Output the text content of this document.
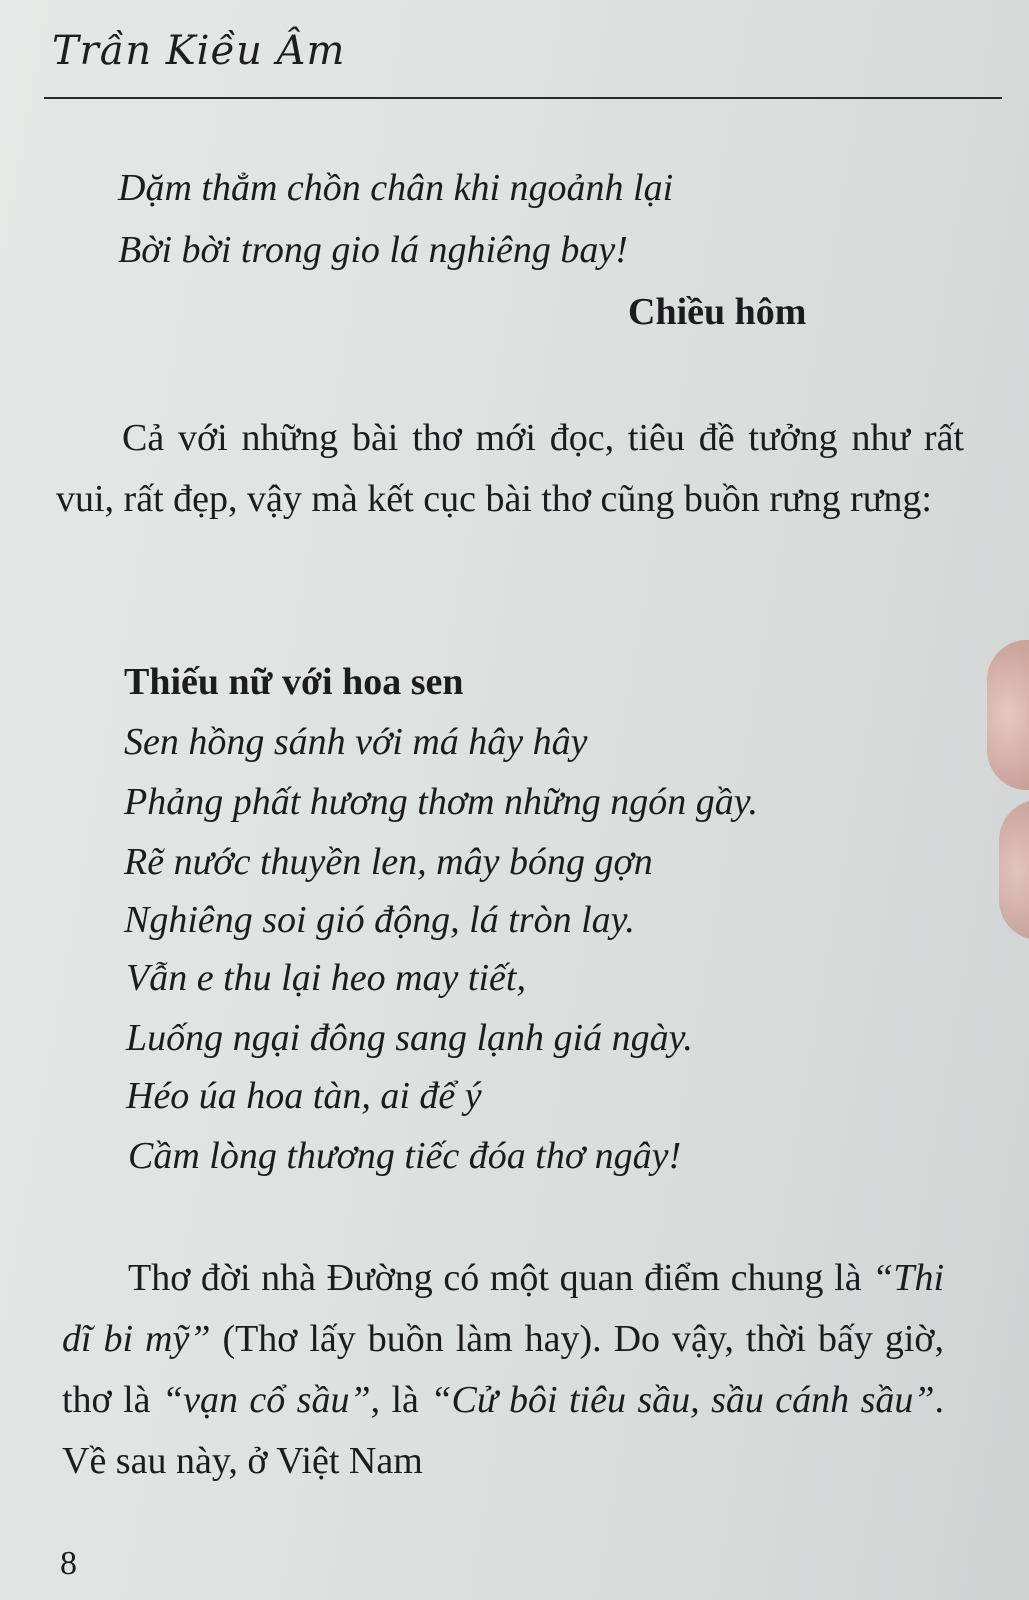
Trần Kiều Âm
Dặm thẳm chồn chân khi ngoảnh lại
Bời bời trong gio lá nghiêng bay!
Chiều hôm
Cả với những bài thơ mới đọc, tiêu đề tưởng như rất vui, rất đẹp, vậy mà kết cục bài thơ cũng buồn rưng rưng:
Thiếu nữ với hoa sen
Sen hồng sánh với má hây hây
Phảng phất hương thơm những ngón gầy.
Rẽ nước thuyền len, mây bóng gợn
Nghiêng soi gió động, lá tròn lay.
Vẫn e thu lại heo may tiết,
Luống ngại đông sang lạnh giá ngày.
Héo úa hoa tàn, ai để ý
Cầm lòng thương tiếc đóa thơ ngây!
Thơ đời nhà Đường có một quan điểm chung là “Thi dĩ bi mỹ” (Thơ lấy buồn làm hay). Do vậy, thời bấy giờ, thơ là “vạn cổ sầu”, là “Cử bôi tiêu sầu, sầu cánh sầu”. Về sau này, ở Việt Nam
8
